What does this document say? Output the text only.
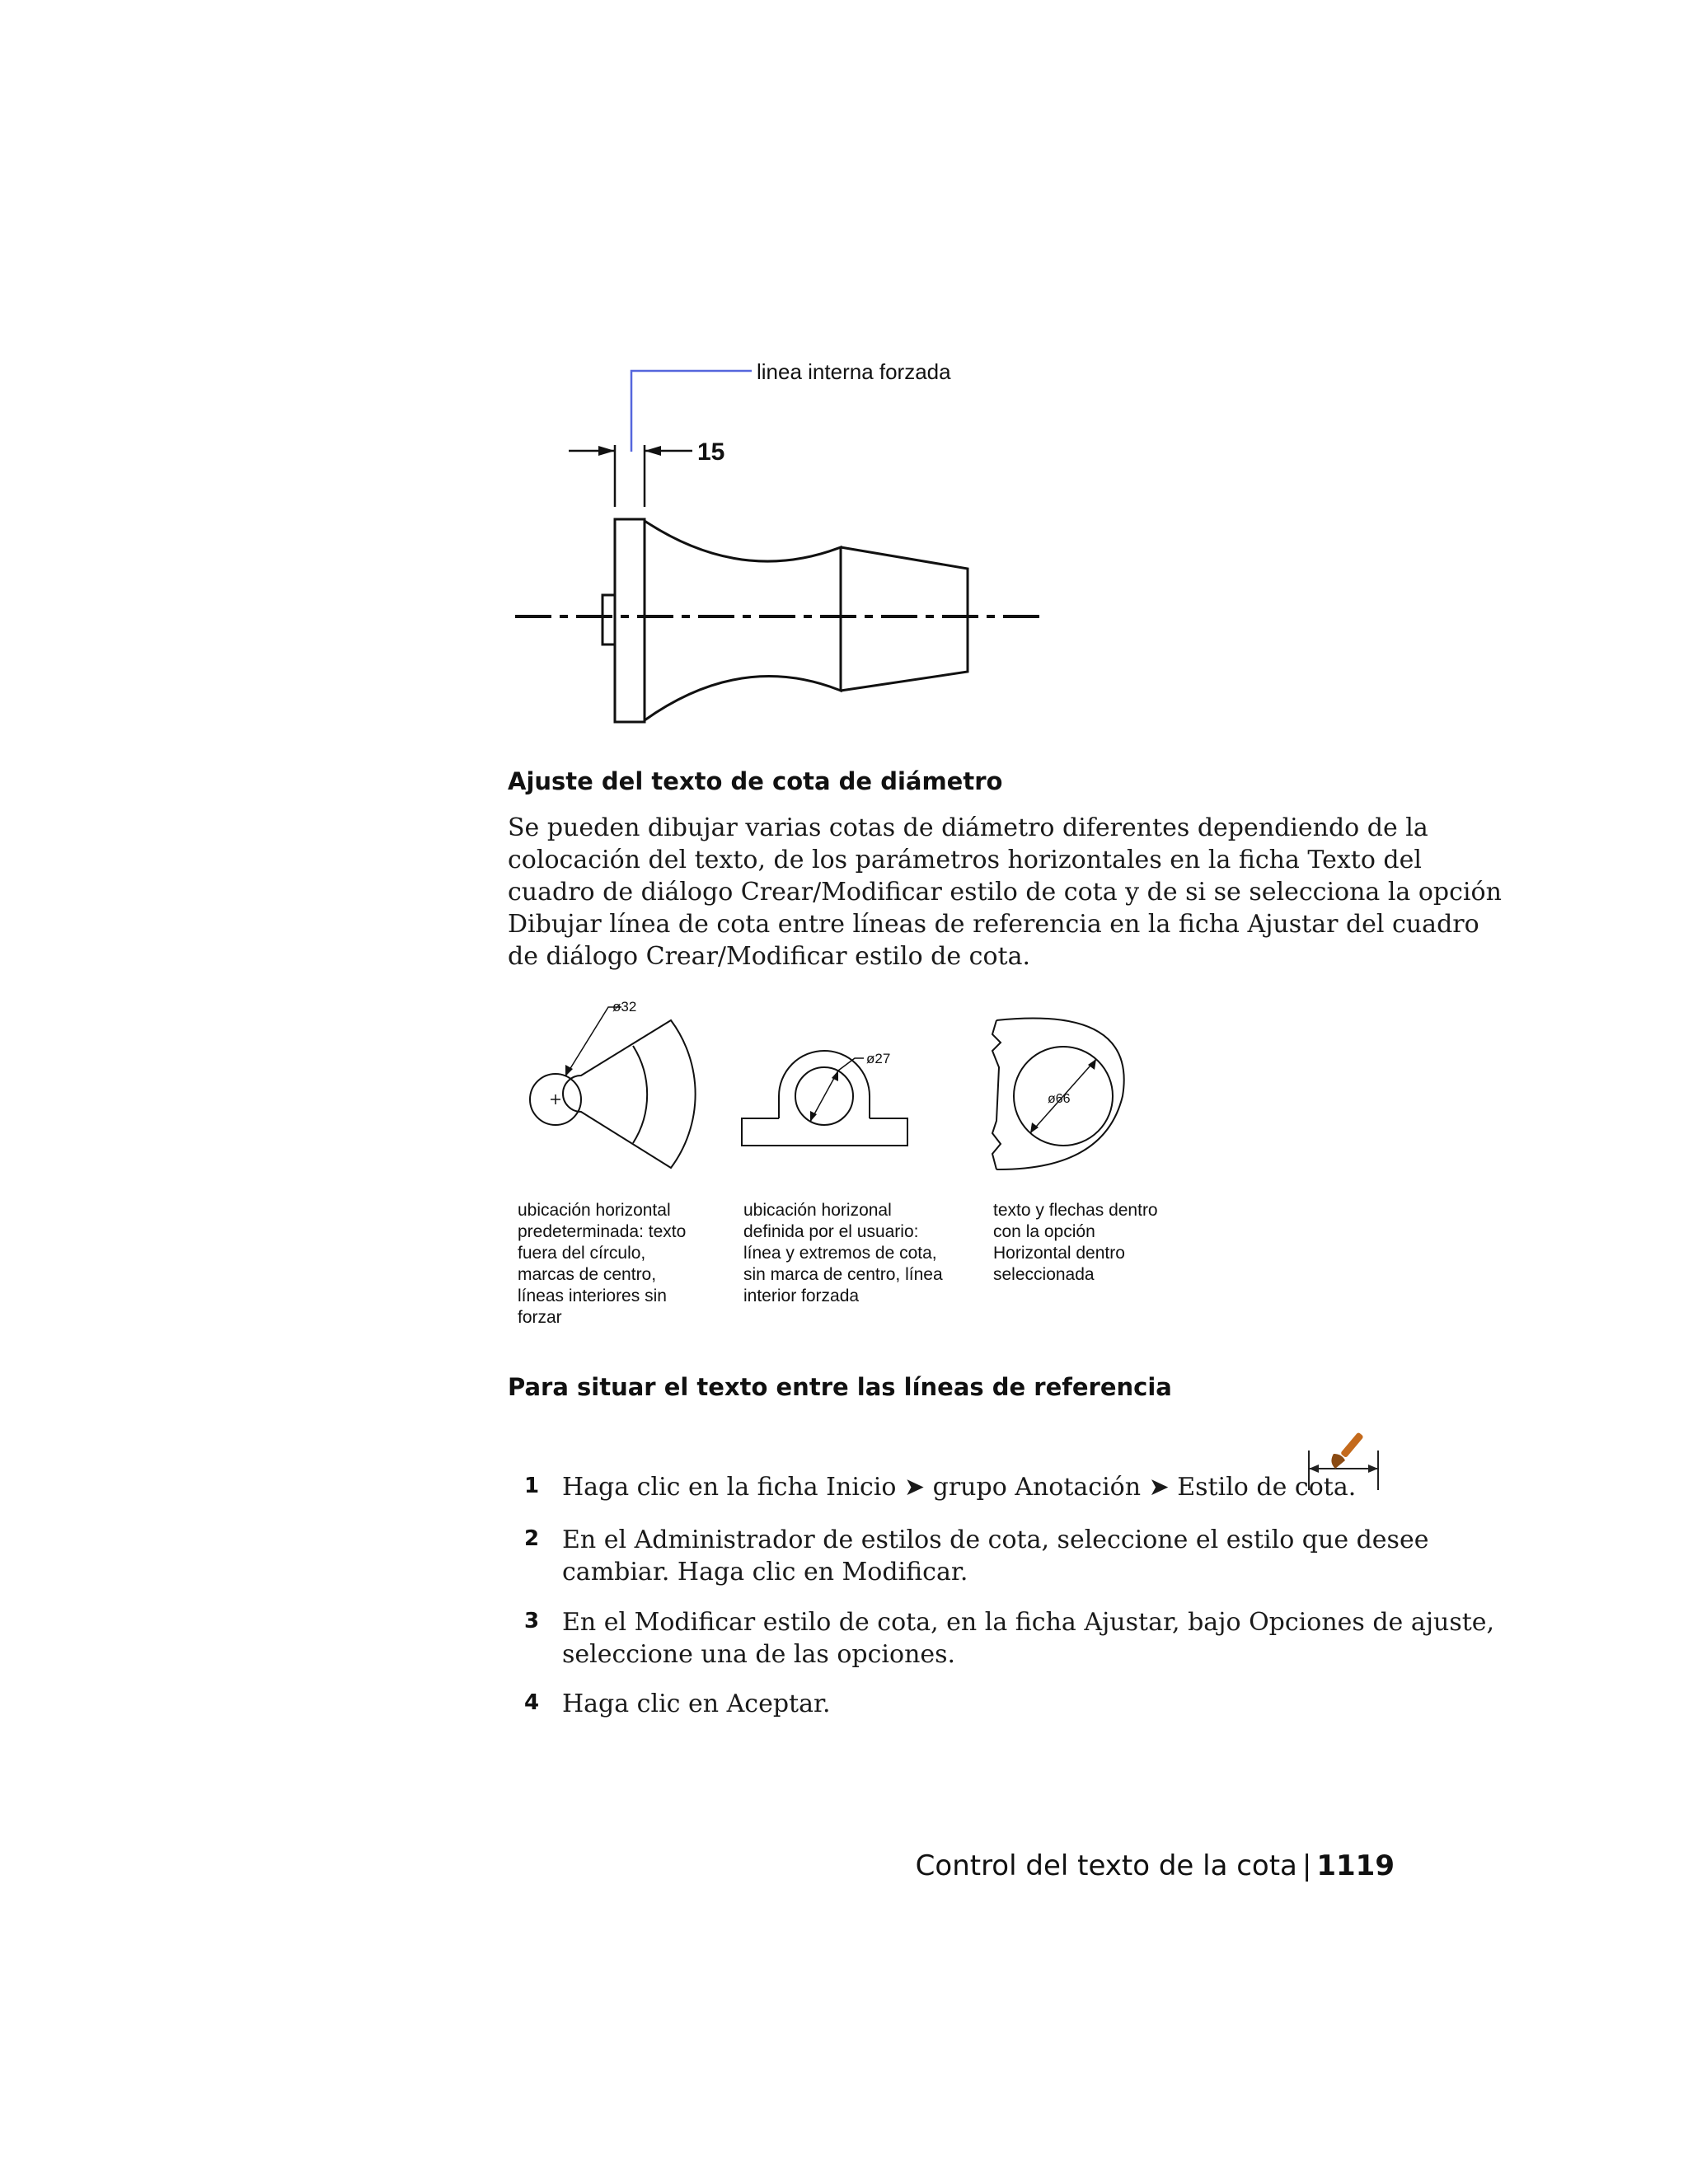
linea interna forzada
15
Ajuste del texto de cota de diámetro
Se pueden dibujar varias cotas de diámetro diferentes dependiendo de la
colocación del texto, de los parámetros horizontales en la ficha Texto del
cuadro de diálogo Crear/Modificar estilo de cota y de si se selecciona la opción
Dibujar línea de cota entre líneas de referencia en la ficha Ajustar del cuadro
de diálogo Crear/Modificar estilo de cota.
ø32
ø27
ø66
ubicación horizontal
predeterminada: texto
fuera del círculo,
marcas de centro,
líneas interiores sin
forzar
ubicación horizonal
definida por el usuario:
línea y extremos de cota,
sin marca de centro, línea
interior forzada
texto y flechas dentro
con la opción
Horizontal dentro
seleccionada
Para situar el texto entre las líneas de referencia
1 Haga clic en la ficha Inicio ➤ grupo Anotación ➤ Estilo de cota.
2 En el Administrador de estilos de cota, seleccione el estilo que desee
cambiar. Haga clic en Modificar.
3 En el Modificar estilo de cota, en la ficha Ajustar, bajo Opciones de ajuste,
seleccione una de las opciones.
4 Haga clic en Aceptar.
Control del texto de la cota | 1119
